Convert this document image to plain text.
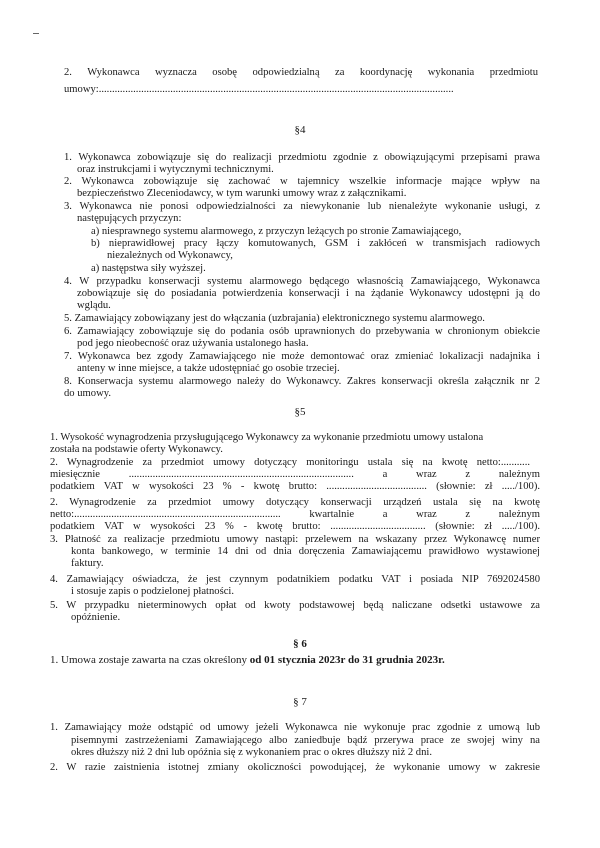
2. Wykonawca wyznacza osobę odpowiedzialną za koordynację wykonania przedmiotu
umowy:......................................................................................................................................
§4
1. Wykonawca zobowiązuje się do realizacji przedmiotu zgodnie z obowiązującymi przepisami prawa
oraz instrukcjami i wytycznymi technicznymi.
2. Wykonawca zobowiązuje się zachować w tajemnicy wszelkie informacje mające wpływ na
bezpieczeństwo Zleceniodawcy, w tym warunki umowy wraz z załącznikami.
3. Wykonawca nie ponosi odpowiedzialności za niewykonanie lub nienależyte wykonanie usługi, z
następujących przyczyn:
a) niesprawnego systemu alarmowego, z przyczyn leżących po stronie Zamawiającego,
b) nieprawidłowej pracy łączy komutowanych, GSM i zakłóceń w transmisjach radiowych
niezależnych od Wykonawcy,
a) następstwa siły wyższej.
4. W przypadku konserwacji systemu alarmowego będącego własnością Zamawiającego, Wykonawca
zobowiązuje się do posiadania potwierdzenia konserwacji i na żądanie Wykonawcy udostępni ją do
wglądu.
5. Zamawiający zobowiązany jest do włączania (uzbrajania) elektronicznego systemu alarmowego.
6. Zamawiający zobowiązuje się do podania osób uprawnionych do przebywania w chronionym obiekcie
pod jego nieobecność oraz używania ustalonego hasła.
7. Wykonawca bez zgody Zamawiającego nie może demontować oraz zmieniać lokalizacji nadajnika i
anteny w inne miejsce, a także udostępniać go osobie trzeciej.
8. Konserwacja systemu alarmowego należy do Wykonawcy. Zakres konserwacji określa załącznik nr 2
do umowy.
§5
1. Wysokość wynagrodzenia przysługującego Wykonawcy za wykonanie przedmiotu umowy ustalona
została na podstawie oferty Wykonawcy.
2. Wynagrodzenie za przedmiot umowy dotyczący monitoringu ustala się na kwotę netto:...........
miesięcznie ..................................................................................... a wraz z należnym
podatkiem VAT w wysokości 23 % - kwotę brutto: ...................................... (słownie: zł ...../100).
2. Wynagrodzenie za przedmiot umowy dotyczący konserwacji urządzeń ustala się na kwotę
netto:.............................................................................. kwartalnie a wraz z należnym
podatkiem VAT w wysokości 23 % - kwotę brutto: .................................... (słownie: zł ...../100).
3. Płatność za realizacje przedmiotu umowy nastąpi: przelewem na wskazany przez Wykonawcę numer
konta bankowego, w terminie 14 dni od dnia doręczenia Zamawiającemu prawidłowo wystawionej
faktury.
4. Zamawiający oświadcza, że jest czynnym podatnikiem podatku VAT i posiada NIP 7692024580
i stosuje zapis o podzielonej płatności.
5. W przypadku nieterminowych opłat od kwoty podstawowej będą naliczane odsetki ustawowe za
opóźnienie.
§ 6
1. Umowa zostaje zawarta na czas określony od 01 stycznia 2023r do 31 grudnia 2023r.
§ 7
1. Zamawiający może odstąpić od umowy jeżeli Wykonawca nie wykonuje prac zgodnie z umową lub
pisemnymi zastrzeżeniami Zamawiającego albo zaniedbuje bądź przerywa prace ze swojej winy na
okres dłuższy niż 2 dni lub opóźnia się z wykonaniem prac o okres dłuższy niż 2 dni.
2. W razie zaistnienia istotnej zmiany okoliczności powodującej, że wykonanie umowy w zakresie
